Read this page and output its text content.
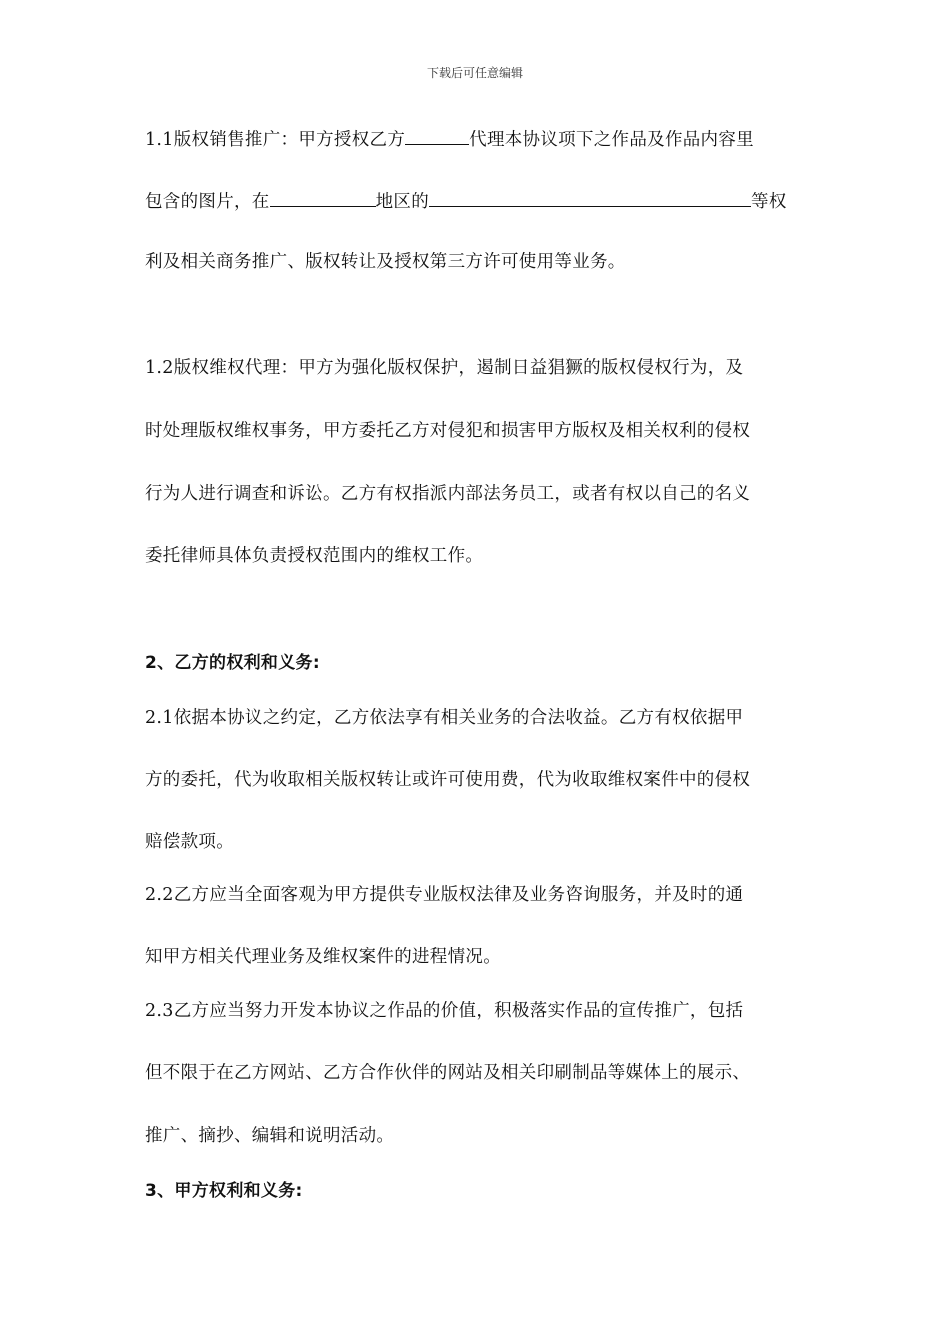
下载后可任意编辑
1.1版权销售推广：甲方授权乙方	代理本协议项下之作品及作品内容里
包含的图片，在	地区的	等权
利及相关商务推广、版权转让及授权第三方许可使用等业务。
1.2版权维权代理：甲方为强化版权保护，遏制日益猖獗的版权侵权行为，及
时处理版权维权事务，甲方委托乙方对侵犯和损害甲方版权及相关权利的侵权
行为人进行调查和诉讼。乙方有权指派内部法务员工，或者有权以自己的名义
委托律师具体负责授权范围内的维权工作。
2、乙方的权利和义务:
2.1依据本协议之约定，乙方依法享有相关业务的合法收益。乙方有权依据甲
方的委托，代为收取相关版权转让或许可使用费，代为收取维权案件中的侵权
赔偿款项。
2.2乙方应当全面客观为甲方提供专业版权法律及业务咨询服务，并及时的通
知甲方相关代理业务及维权案件的进程情况。
2.3乙方应当努力开发本协议之作品的价值，积极落实作品的宣传推广，包括
但不限于在乙方网站、乙方合作伙伴的网站及相关印刷制品等媒体上的展示、
推广、摘抄、编辑和说明活动。
3、甲方权利和义务:
